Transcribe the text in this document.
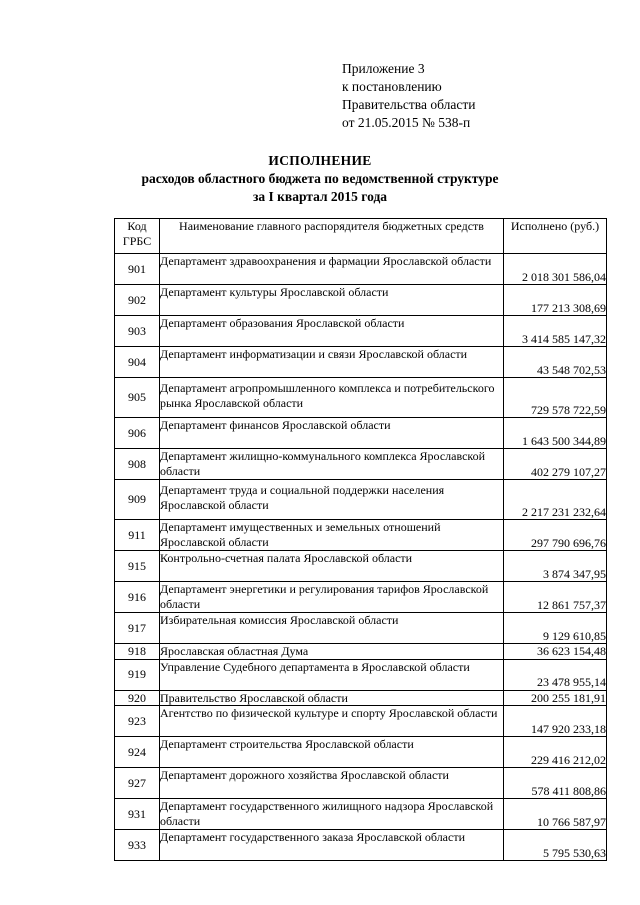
Приложение 3
к постановлению
Правительства области
от 21.05.2015 № 538-п
ИСПОЛНЕНИЕ
расходов областного бюджета по ведомственной структуре
за I квартал 2015 года
Код ГРБС	Наименование главного распорядителя бюджетных средств	Исполнено (руб.)
901	Департамент здравоохранения и фармации Ярославской области	2 018 301 586,04
902	Департамент культуры Ярославской области	177 213 308,69
903	Департамент образования Ярославской области	3 414 585 147,32
904	Департамент информатизации и связи Ярославской области	43 548 702,53
905	Департамент агропромышленного комплекса и потребительского рынка Ярославской области	729 578 722,59
906	Департамент финансов Ярославской области	1 643 500 344,89
908	Департамент жилищно-коммунального комплекса Ярославской области	402 279 107,27
909	Департамент труда и социальной поддержки населения Ярославской области	2 217 231 232,64
911	Департамент имущественных и земельных отношений Ярославской области	297 790 696,76
915	Контрольно-счетная палата Ярославской области	3 874 347,95
916	Департамент энергетики и регулирования тарифов Ярославской области	12 861 757,37
917	Избирательная комиссия Ярославской области	9 129 610,85
918	Ярославская областная Дума	36 623 154,48
919	Управление Судебного департамента в Ярославской области	23 478 955,14
920	Правительство Ярославской области	200 255 181,91
923	Агентство по физической культуре и спорту Ярославской области	147 920 233,18
924	Департамент строительства Ярославской области	229 416 212,02
927	Департамент дорожного хозяйства Ярославской области	578 411 808,86
931	Департамент государственного жилищного надзора Ярославской области	10 766 587,97
933	Департамент государственного заказа Ярославской области	5 795 530,63
